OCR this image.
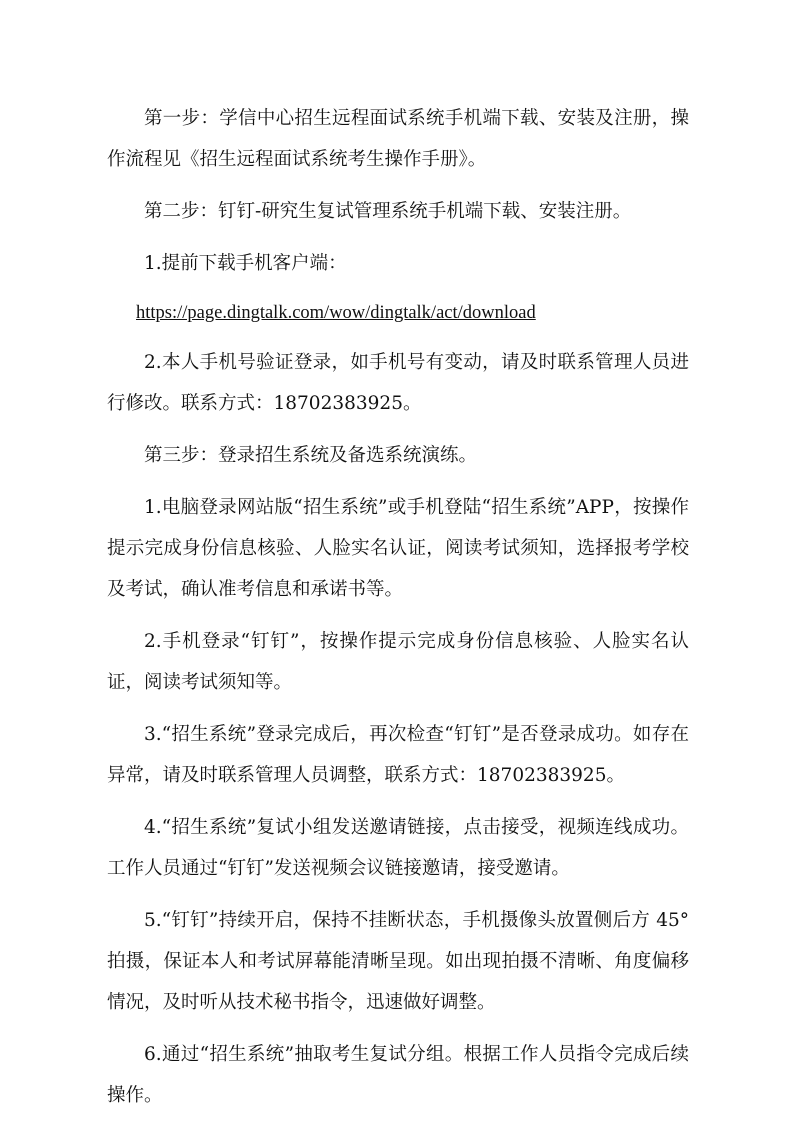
第一步：学信中心招生远程面试系统手机端下载、安装及注册，操作流程见《招生远程面试系统考生操作手册》。

第二步：钉钉-研究生复试管理系统手机端下载、安装注册。

1.提前下载手机客户端：

https://page.dingtalk.com/wow/dingtalk/act/download

2.本人手机号验证登录，如手机号有变动，请及时联系管理人员进行修改。联系方式：18702383925。

第三步：登录招生系统及备选系统演练。

1.电脑登录网站版“招生系统”或手机登陆“招生系统”APP，按操作提示完成身份信息核验、人脸实名认证，阅读考试须知，选择报考学校及考试，确认准考信息和承诺书等。

2.手机登录“钉钉”，按操作提示完成身份信息核验、人脸实名认证，阅读考试须知等。

3.“招生系统”登录完成后，再次检查“钉钉”是否登录成功。如存在异常，请及时联系管理人员调整，联系方式：18702383925。

4.“招生系统”复试小组发送邀请链接，点击接受，视频连线成功。工作人员通过“钉钉”发送视频会议链接邀请，接受邀请。

5.“钉钉”持续开启，保持不挂断状态，手机摄像头放置侧后方 45°拍摄，保证本人和考试屏幕能清晰呈现。如出现拍摄不清晰、角度偏移情况，及时听从技术秘书指令，迅速做好调整。

6.通过“招生系统”抽取考生复试分组。根据工作人员指令完成后续操作。
